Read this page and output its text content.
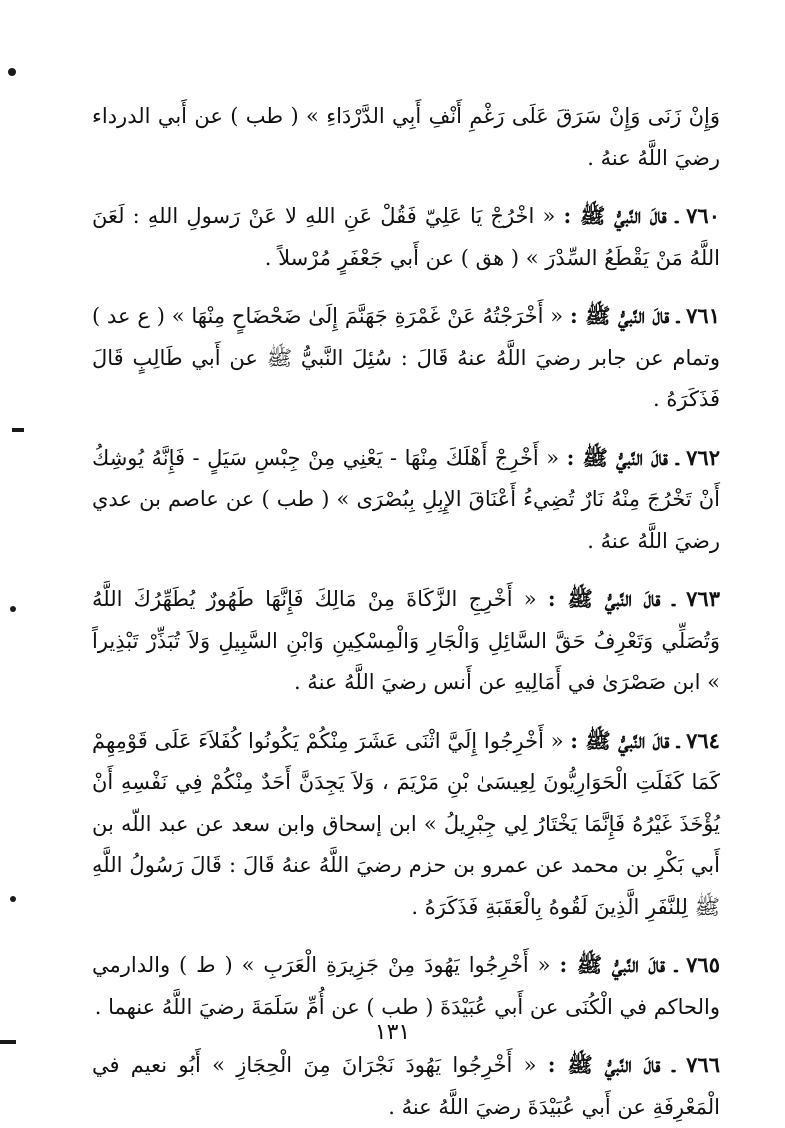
وَإِنْ زَنَى وَإِنْ سَرَقَ عَلَى رَغْمِ أَنْفِ أَبِي الدَّرْدَاءِ » ( طب ) عن أَبي الدرداء رضيَ اللَّهُ عنهُ .

٧٦٠ ـ قالَ النَّبيُّ ﷺ : « اخْرُجْ يَا عَلِيّ فَقُلْ عَنِ اللهِ لا عَنْ رَسولِ اللهِ : لَعَنَ اللَّهُ مَنْ يَقْطَعُ السِّدْرَ » ( هق ) عن أَبي جَعْفَرٍ مُرْسلاً .

٧٦١ ـ قالَ النَّبيُّ ﷺ : « أَخْرَجْتُهُ عَنْ غَمْرَةِ جَهَنَّمَ إِلَىٰ ضَحْضَاحٍ مِنْهَا » ( ع عد ) وتمام عن جابر رضيَ اللَّهُ عنهُ قَالَ : سُئِلَ النَّبيُّ ﷺ عن أَبي طَالِبٍ قَالَ فَذَكَرَهُ .

٧٦٢ ـ قالَ النَّبيُّ ﷺ : « أَخْرِجْ أَهْلَكَ مِنْهَا - يَعْنِي مِنْ جِبْسِ سَيَلٍ - فَإِنَّهُ يُوشِكُ أَنْ تَخْرُجَ مِنْهُ نَارٌ تُضِيءُ أَعْنَاقَ الإِبِلِ بِبُصْرَى » ( طب ) عن عاصم بن عدي رضيَ اللَّهُ عنهُ .

٧٦٣ ـ قالَ النَّبيُّ ﷺ : « أَخْرِجِ الزَّكَاةَ مِنْ مَالِكَ فَإِنَّهَا طَهُورٌ يُطَهِّرُكَ اللَّهُ وَتُصَلِّي وَتَعْرِفُ حَقَّ السَّائِلِ وَالْجَارِ وَالْمِسْكِينِ وَابْنِ السَّبِيلِ وَلاَ تُبَذِّرْ تَبْذِيراً » ابن صَصْرَىٰ في أَمَالِيهِ عن أَنس رضيَ اللَّهُ عنهُ .

٧٦٤ ـ قالَ النَّبيُّ ﷺ : « أَخْرِجُوا إِلَيَّ اثْنَى عَشَرَ مِنْكُمْ يَكُونُوا كُفَلاَءَ عَلَى قَوْمِهِمْ كَمَا كَفَلَتِ الْحَوَارِيُّونَ لِعِيسَىٰ بْنِ مَرْيَمَ ، وَلاَ يَجِدَنَّ أَحَدٌ مِنْكُمْ فِي نَفْسِهِ أَنْ يُؤْخَذَ غَيْرُهُ فَإِنَّمَا يَخْتَارُ لِي جِبْرِيلُ » ابن إسحاق وابن سعد عن عبد اللّه بن أَبي بَكْرِ بن محمد عن عمرو بن حزم رضيَ اللَّهُ عنهُ قَالَ : قَالَ رَسُولُ اللَّهِ ﷺ لِلنَّفَرِ الَّذِينَ لَقُوهُ بِالْعَقَبَةِ فَذَكَرَهُ .

٧٦٥ ـ قالَ النَّبيُّ ﷺ : « أَخْرِجُوا يَهُودَ مِنْ جَزِيرَةِ الْعَرَبِ » ( ط ) والدارمي والحاكم في الْكُنَى عن أَبي عُبَيْدَةَ ( طب ) عن أُمِّ سَلَمَةَ رضيَ اللَّهُ عنهما .

٧٦٦ ـ قالَ النَّبيُّ ﷺ : « أَخْرِجُوا يَهُودَ نَجْرَانَ مِنَ الْحِجَازِ » أَبُو نعيم في الْمَعْرِفَةِ عن أَبي عُبَيْدَةَ رضيَ اللَّهُ عنهُ .

١٣١
